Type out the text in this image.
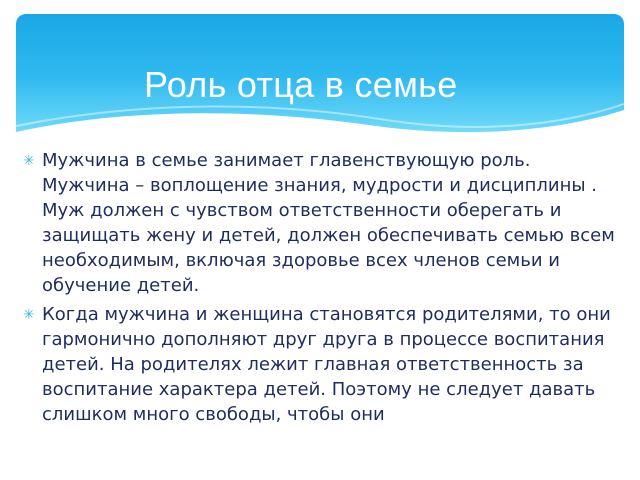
Роль отца в семье
✳ Мужчина в семье занимает главенствующую роль. Мужчина – воплощение знания, мудрости и дисциплины . Муж должен с чувством ответственности оберегать и защищать жену и детей, должен обеспечивать семью всем необходимым, включая здоровье всех членов семьи и обучение детей.
✳ Когда мужчина и женщина становятся родителями, то они гармонично дополняют друг друга в процессе воспитания детей. На родителях лежит главная ответственность за воспитание характера детей. Поэтому не следует давать слишком много свободы, чтобы они
